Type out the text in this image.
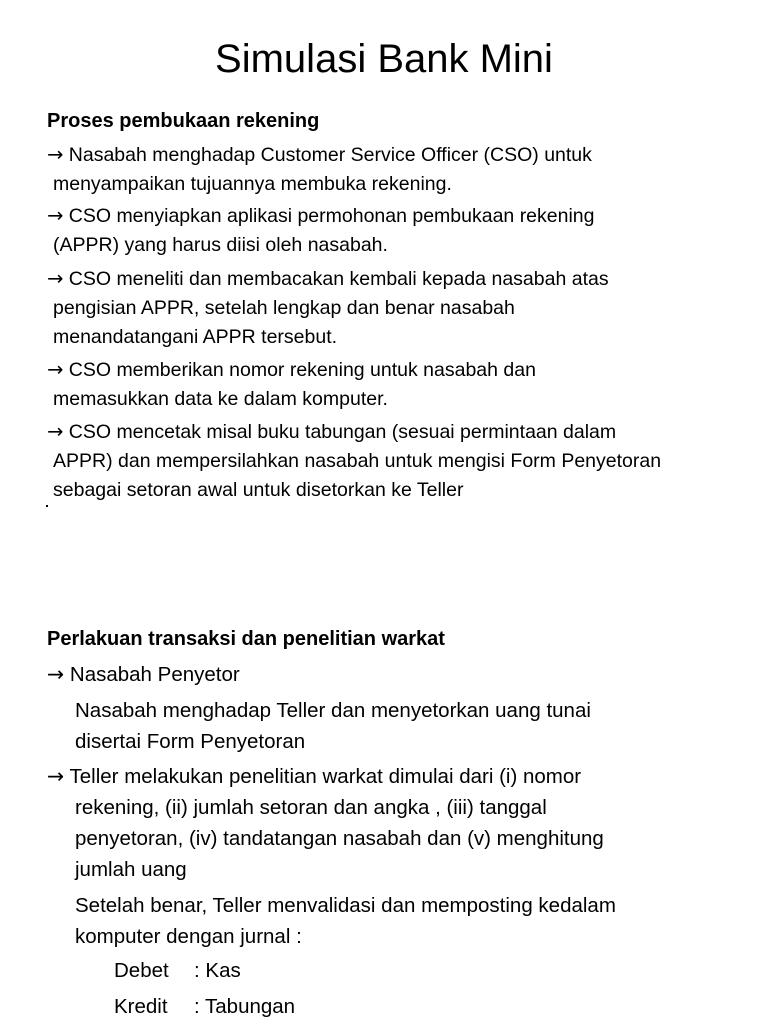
Simulasi Bank Mini
Proses pembukaan rekening
→ Nasabah menghadap Customer Service Officer (CSO) untuk
menyampaikan tujuannya membuka rekening.
→ CSO menyiapkan aplikasi permohonan pembukaan rekening
(APPR) yang harus diisi oleh nasabah.
→ CSO meneliti dan membacakan kembali kepada nasabah atas
pengisian APPR, setelah lengkap dan benar nasabah
menandatangani APPR tersebut.
→ CSO memberikan nomor rekening untuk nasabah dan
memasukkan data ke dalam komputer.
→ CSO mencetak misal buku tabungan (sesuai permintaan dalam
APPR) dan mempersilahkan nasabah untuk mengisi Form Penyetoran
sebagai setoran awal untuk disetorkan ke Teller
Perlakuan transaksi dan penelitian warkat
→ Nasabah Penyetor
Nasabah menghadap Teller dan menyetorkan uang tunai
disertai Form Penyetoran
→ Teller melakukan penelitian warkat dimulai dari (i) nomor
rekening, (ii) jumlah setoran dan angka , (iii) tanggal
penyetoran, (iv) tandatangan nasabah dan (v) menghitung
jumlah uang
Setelah benar, Teller menvalidasi dan memposting kedalam
komputer dengan jurnal :
Debet : Kas
Kredit : Tabungan
